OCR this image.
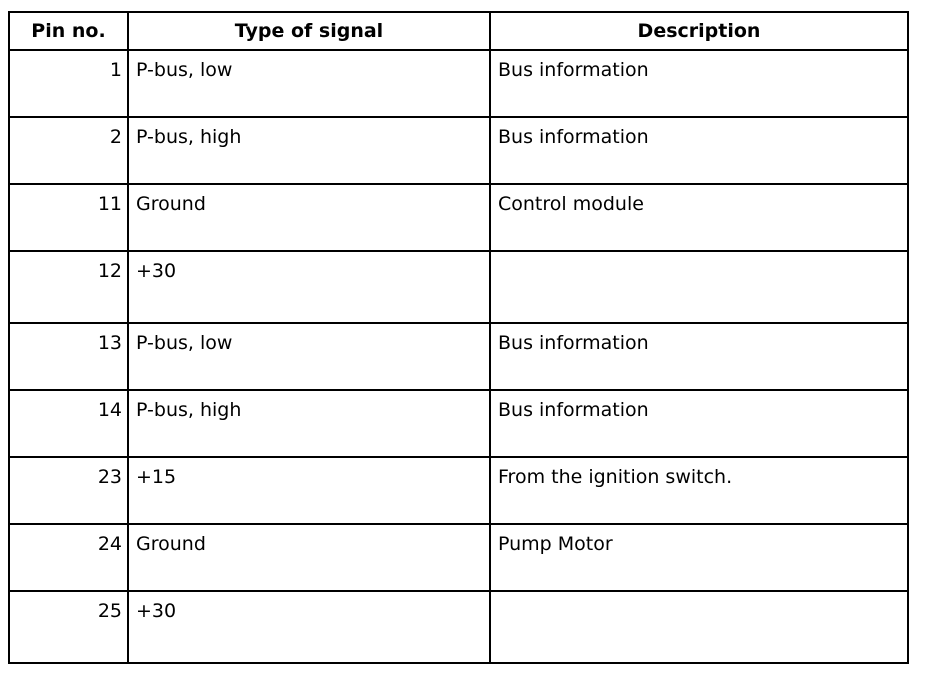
Pin no.	Type of signal	Description
1	P-bus, low	Bus information
2	P-bus, high	Bus information
11	Ground	Control module
12	+30	
13	P-bus, low	Bus information
14	P-bus, high	Bus information
23	+15	From the ignition switch.
24	Ground	Pump Motor
25	+30	
